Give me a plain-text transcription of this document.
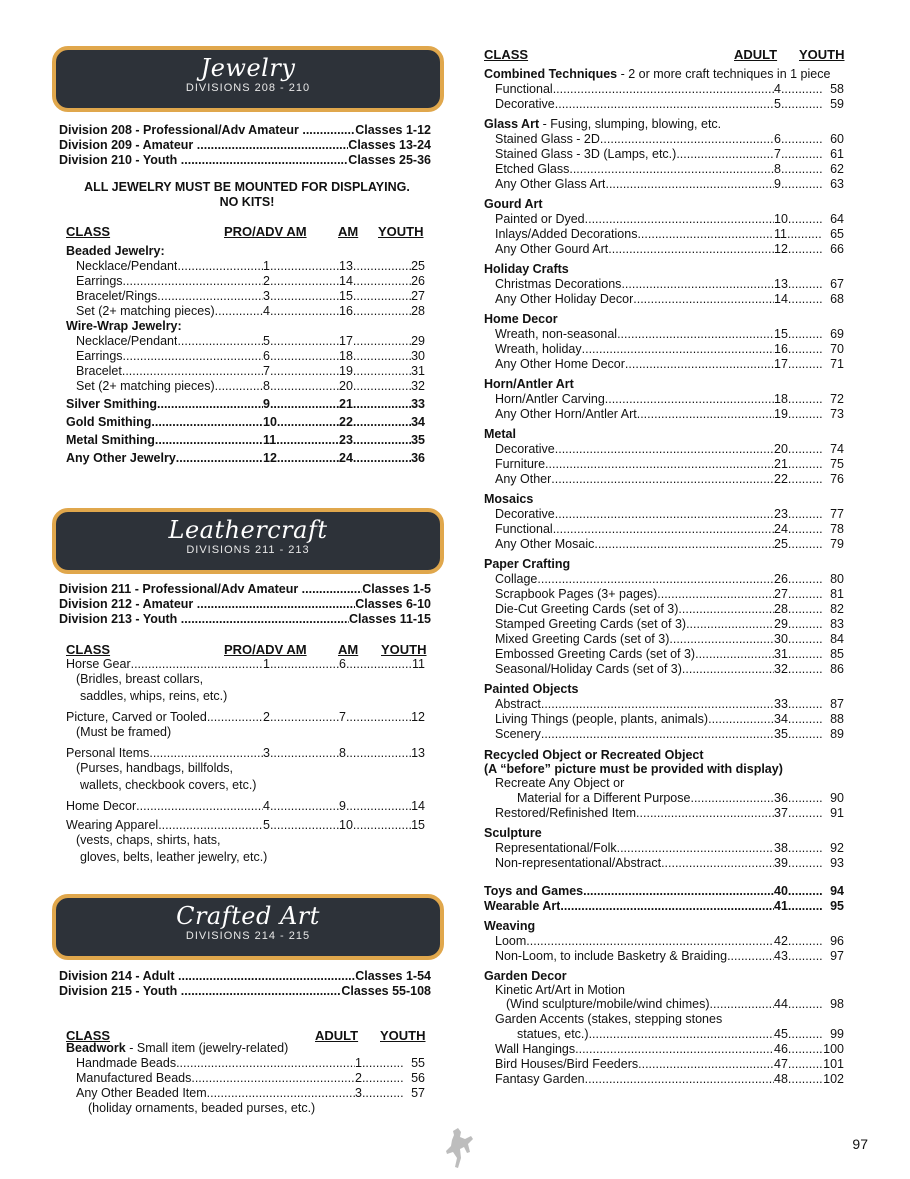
Jewelry
DIVISIONS 208 - 210
Division 208 - Professional/Adv Amateur .....	Classes 1-12
Division 209 - Amateur .....	Classes 13-24
Division 210 - Youth .....	Classes 25-36
ALL JEWELRY MUST BE MOUNTED FOR DISPLAYING.
NO KITS!
CLASS	PRO/ADV AM AM YOUTH
Beaded Jewelry:
Necklace/Pendant .....	1 .....	13 .....	25
Earrings .....	2 .....	14 .....	26
Bracelet/Rings .....	3 .....	15 .....	27
Set (2+ matching pieces) .....	4 .....	16 .....	28
Wire-Wrap Jewelry:
Necklace/Pendant .....	5 .....	17 .....	29
Earrings .....	6 .....	18 .....	30
Bracelet .....	7 .....	19 .....	31
Set (2+ matching pieces) .....	8 .....	20 .....	32
Silver Smithing .....	9 .....	21 .....	33
Gold Smithing .....	10 .....	22 .....	34
Metal Smithing .....	11 .....	23 .....	35
Any Other Jewelry .....	12 .....	24 .....	36
Leathercraft
DIVISIONS 211 - 213
Division 211 - Professional/Adv Amateur .....	Classes 1-5
Division 212 - Amateur .....	Classes 6-10
Division 213 - Youth .....	Classes 11-15
CLASS	PRO/ADV AM AM YOUTH
Horse Gear .....	1 .....	6 .....	11
(Bridles, breast collars,
saddles, whips, reins, etc.)
Picture, Carved or Tooled .....	2 .....	7 .....	12
(Must be framed)
Personal Items .....	3 .....	8 .....	13
(Purses, handbags, billfolds,
wallets, checkbook covers, etc.)
Home Decor .....	4 .....	9 .....	14
Wearing Apparel .....	5 .....	10 .....	15
(vests, chaps, shirts, hats,
gloves, belts, leather jewelry, etc.)
Crafted Art
DIVISIONS 214 - 215
Division 214 - Adult .....	Classes 1-54
Division 215 - Youth .....	Classes 55-108
CLASS	ADULT YOUTH
Beadwork - Small item (jewelry-related)
Handmade Beads .....	1 .....	55
Manufactured Beads .....	2 .....	56
Any Other Beaded Item .....	3 .....	57
(holiday ornaments, beaded purses, etc.)
CLASS	ADULT YOUTH
Combined Techniques - 2 or more craft techniques in 1 piece
Functional .....	4 .....	58
Decorative .....	5 .....	59
Glass Art - Fusing, slumping, blowing, etc.
Stained Glass - 2D .....	6 .....	60
Stained Glass - 3D (Lamps, etc.) .....	7 .....	61
Etched Glass .....	8 .....	62
Any Other Glass Art .....	9 .....	63
Gourd Art
Painted or Dyed .....	10 .....	64
Inlays/Added Decorations .....	11 .....	65
Any Other Gourd Art .....	12 .....	66
Holiday Crafts
Christmas Decorations .....	13 .....	67
Any Other Holiday Decor .....	14 .....	68
Home Decor
Wreath, non-seasonal .....	15 .....	69
Wreath, holiday .....	16 .....	70
Any Other Home Decor .....	17 .....	71
Horn/Antler Art
Horn/Antler Carving .....	18 .....	72
Any Other Horn/Antler Art .....	19 .....	73
Metal
Decorative .....	20 .....	74
Furniture .....	21 .....	75
Any Other .....	22 .....	76
Mosaics
Decorative .....	23 .....	77
Functional .....	24 .....	78
Any Other Mosaic .....	25 .....	79
Paper Crafting
Collage .....	26 .....	80
Scrapbook Pages (3+ pages) .....	27 .....	81
Die-Cut Greeting Cards (set of 3) .....	28 .....	82
Stamped Greeting Cards (set of 3) .....	29 .....	83
Mixed Greeting Cards (set of 3) .....	30 .....	84
Embossed Greeting Cards (set of 3) .....	31 .....	85
Seasonal/Holiday Cards (set of 3) .....	32 .....	86
Painted Objects
Abstract .....	33 .....	87
Living Things (people, plants, animals) .....	34 .....	88
Scenery .....	35 .....	89
Recycled Object or Recreated Object
(A “before” picture must be provided with display)
Recreate Any Object or
Material for a Different Purpose .....	36 .....	90
Restored/Refinished Item .....	37 .....	91
Sculpture
Representational/Folk .....	38 .....	92
Non-representational/Abstract .....	39 .....	93
Toys and Games .....	40 .....	94
Wearable Art .....	41 .....	95
Weaving
Loom .....	42 .....	96
Non-Loom, to include Basketry & Braiding .....	43 .....	97
Garden Decor
Kinetic Art/Art in Motion
(Wind sculpture/mobile/wind chimes) .....	44 .....	98
Garden Accents (stakes, stepping stones
statues, etc.) .....	45 .....	99
Wall Hangings .....	46 .....	100
Bird Houses/Bird Feeders .....	47 .....	101
Fantasy Garden .....	48 .....	102
97
